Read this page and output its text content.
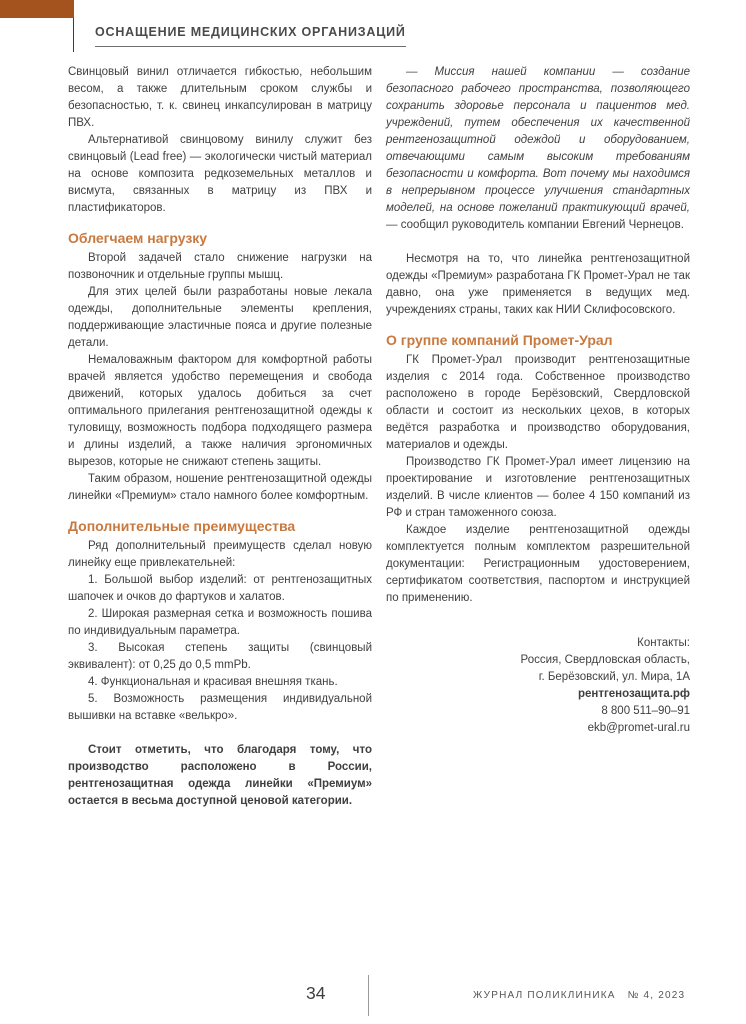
ОСНАЩЕНИЕ МЕДИЦИНСКИХ ОРГАНИЗАЦИЙ

Свинцовый винил отличается гибкостью, небольшим весом, а также длительным сроком службы и безопасностью, т. к. свинец инкапсулирован в матрицу ПВХ.

Альтернативой свинцовому винилу служит без свинцовый (Lead free) — экологически чистый материал на основе композита редкоземельных металлов и висмута, связанных в матрицу из ПВХ и пластификаторов.

Облегчаем нагрузку

Второй задачей стало снижение нагрузки на позвоночник и отдельные группы мышц.

Для этих целей были разработаны новые лекала одежды, дополнительные элементы крепления, поддерживающие эластичные пояса и другие полезные детали.

Немаловажным фактором для комфортной работы врачей является удобство перемещения и свобода движений, которых удалось добиться за счет оптимального прилегания рентгенозащитной одежды к туловищу, возможность подбора подходящего размера и длины изделий, а также наличия эргономичных вырезов, которые не снижают степень защиты.

Таким образом, ношение рентгенозащитной одежды линейки «Премиум» стало намного более комфортным.

Дополнительные преимущества

Ряд дополнительный преимуществ сделал новую линейку еще привлекательней:

1. Большой выбор изделий: от рентгенозащитных шапочек и очков до фартуков и халатов.

2. Широкая размерная сетка и возможность пошива по индивидуальным параметра.

3. Высокая степень защиты (свинцовый эквивалент): от 0,25 до 0,5 mmPb.

4. Функциональная и красивая внешняя ткань.

5. Возможность размещения индивидуальной вышивки на вставке «велькро».

Стоит отметить, что благодаря тому, что производство расположено в России, рентгенозащитная одежда линейки «Премиум» остается в весьма доступной ценовой категории.

— Миссия нашей компании — создание безопасного рабочего пространства, позволяющего сохранить здоровье персонала и пациентов мед. учреждений, путем обеспечения их качественной рентгенозащитной одеждой и оборудованием, отвечающими самым высоким требованиям безопасности и комфорта. Вот почему мы находимся в непрерывном процессе улучшения стандартных моделей, на основе пожеланий практикующий врачей, — сообщил руководитель компании Евгений Чернецов.

Несмотря на то, что линейка рентгенозащитной одежды «Премиум» разработана ГК Промет-Урал не так давно, она уже применяется в ведущих мед. учреждениях страны, таких как НИИ Склифосовского.

О группе компаний Промет-Урал

ГК Промет-Урал производит рентгенозащитные изделия с 2014 года. Собственное производство расположено в городе Берёзовский, Свердловской области и состоит из нескольких цехов, в которых ведётся разработка и производство оборудования, материалов и одежды.

Производство ГК Промет-Урал имеет лицензию на проектирование и изготовление рентгенозащитных изделий. В числе клиентов — более 4 150 компаний из РФ и стран таможенного союза.

Каждое изделие рентгенозащитной одежды комплектуется полным комплектом разрешительной документации: Регистрационным удостоверением, сертификатом соответствия, паспортом и инструкцией по применению.

Контакты:
Россия, Свердловская область,
г. Берёзовский, ул. Мира, 1А
рентгенозащита.рф
8 800 511–90–91
ekb@promet-ural.ru
34	ЖУРНАЛ ПОЛИКЛИНИКА № 4, 2023
